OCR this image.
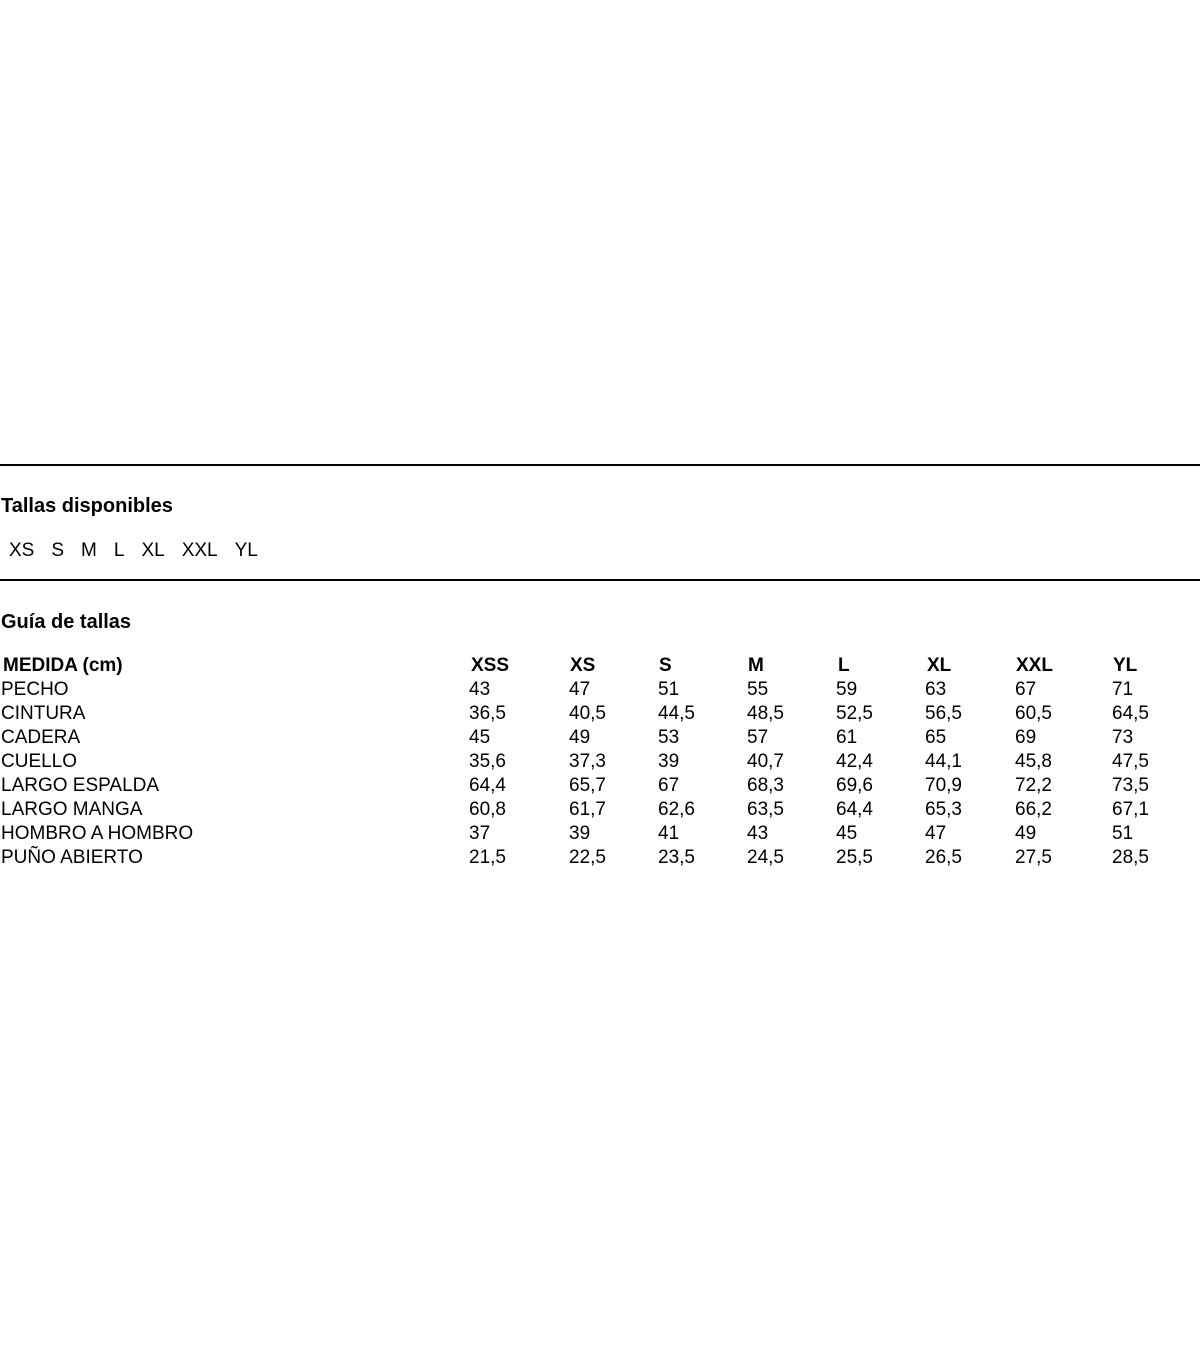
Tallas disponibles
XS S M L XL XXL YL
Guía de tallas
MEDIDA (cm)	XSS	XS	S	M	L	XL	XXL	YL
PECHO	43	47	51	55	59	63	67	71
CINTURA	36,5	40,5	44,5	48,5	52,5	56,5	60,5	64,5
CADERA	45	49	53	57	61	65	69	73
CUELLO	35,6	37,3	39	40,7	42,4	44,1	45,8	47,5
LARGO ESPALDA	64,4	65,7	67	68,3	69,6	70,9	72,2	73,5
LARGO MANGA	60,8	61,7	62,6	63,5	64,4	65,3	66,2	67,1
HOMBRO A HOMBRO	37	39	41	43	45	47	49	51
PUÑO ABIERTO	21,5	22,5	23,5	24,5	25,5	26,5	27,5	28,5
